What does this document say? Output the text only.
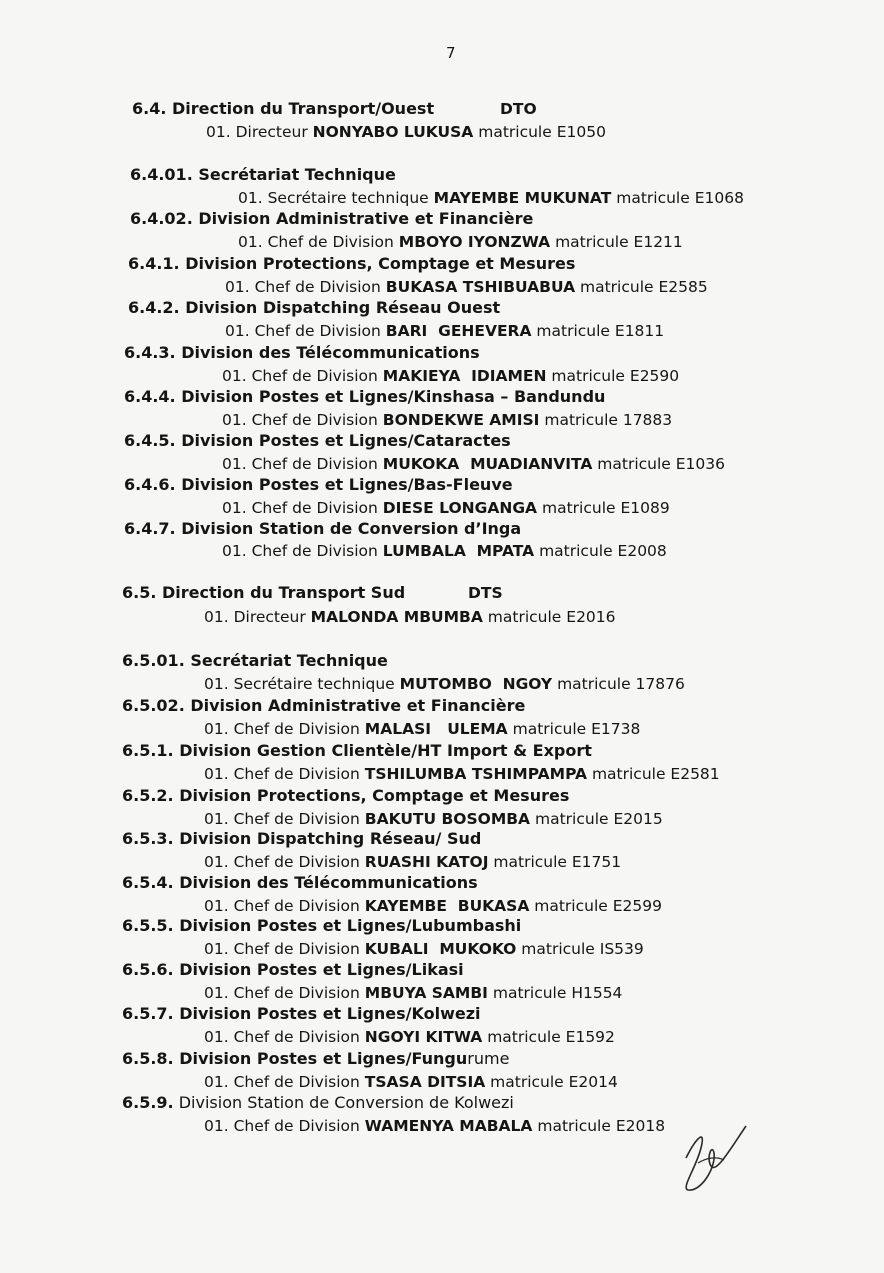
7
6.4. Direction du Transport/Ouest	DTO
01. Directeur NONYABO LUKUSA matricule E1050
6.4.01. Secrétariat Technique
01. Secrétaire technique MAYEMBE MUKUNAT matricule E1068
6.4.02. Division Administrative et Financière
01. Chef de Division MBOYO IYONZWA matricule E1211
6.4.1. Division Protections, Comptage et Mesures
01. Chef de Division BUKASA TSHIBUABUA matricule E2585
6.4.2. Division Dispatching Réseau Ouest
01. Chef de Division BARI  GEHEVERA matricule E1811
6.4.3. Division des Télécommunications
01. Chef de Division MAKIEYA  IDIAMEN matricule E2590
6.4.4. Division Postes et Lignes/Kinshasa – Bandundu
01. Chef de Division BONDEKWE AMISI matricule 17883
6.4.5. Division Postes et Lignes/Cataractes
01. Chef de Division MUKOKA  MUADIANVITA matricule E1036
6.4.6. Division Postes et Lignes/Bas-Fleuve
01. Chef de Division DIESE LONGANGA matricule E1089
6.4.7. Division Station de Conversion d’Inga
01. Chef de Division LUMBALA  MPATA matricule E2008
6.5. Direction du Transport Sud	DTS
01. Directeur MALONDA MBUMBA matricule E2016
6.5.01. Secrétariat Technique
01. Secrétaire technique MUTOMBO  NGOY matricule 17876
6.5.02. Division Administrative et Financière
01. Chef de Division MALASI   ULEMA matricule E1738
6.5.1. Division Gestion Clientèle/HT Import & Export
01. Chef de Division TSHILUMBA TSHIMPAMPA matricule E2581
6.5.2. Division Protections, Comptage et Mesures
01. Chef de Division BAKUTU BOSOMBA matricule E2015
6.5.3. Division Dispatching Réseau/ Sud
01. Chef de Division RUASHI KATOJ matricule E1751
6.5.4. Division des Télécommunications
01. Chef de Division KAYEMBE  BUKASA matricule E2599
6.5.5. Division Postes et Lignes/Lubumbashi
01. Chef de Division KUBALI  MUKOKO matricule IS539
6.5.6. Division Postes et Lignes/Likasi
01. Chef de Division MBUYA SAMBI matricule H1554
6.5.7. Division Postes et Lignes/Kolwezi
01. Chef de Division NGOYI KITWA matricule E1592
6.5.8. Division Postes et Lignes/Fungurume
01. Chef de Division TSASA DITSIA matricule E2014
6.5.9. Division Station de Conversion de Kolwezi
01. Chef de Division WAMENYA MABALA matricule E2018
